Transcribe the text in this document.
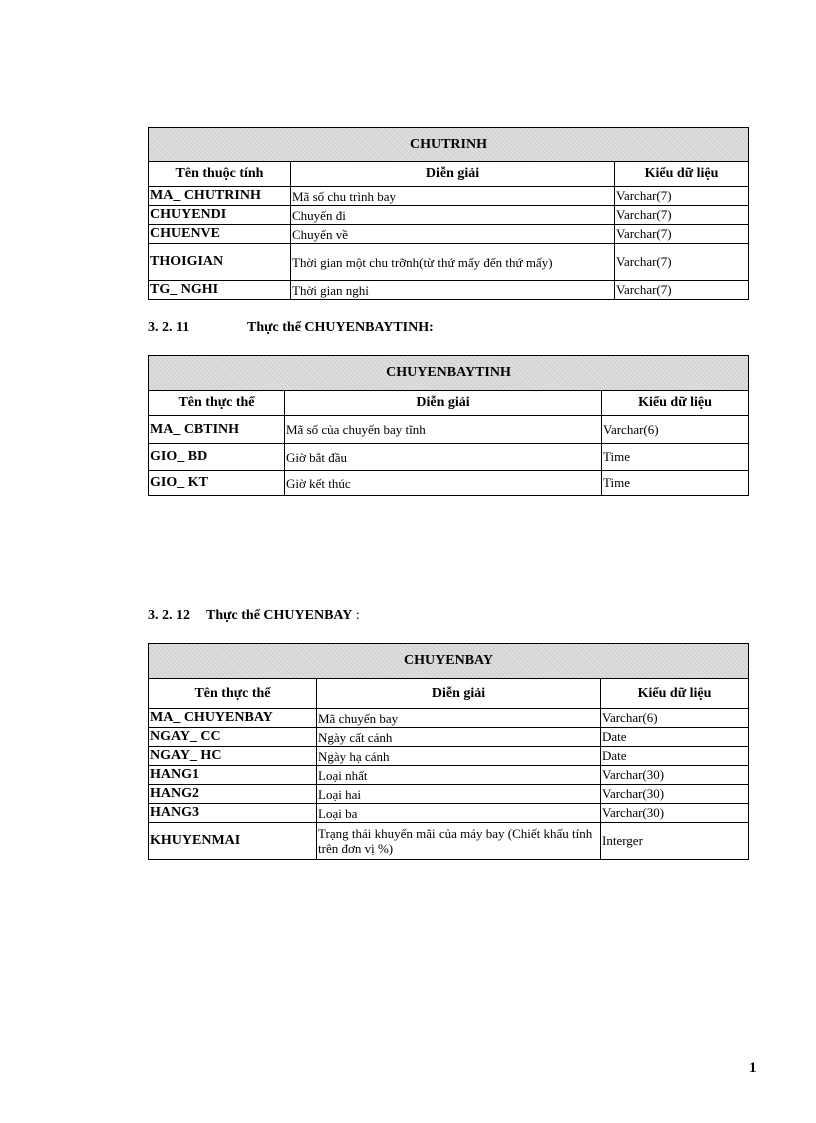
CHUTRINH		
Tên thuộc tính	Diễn giải	Kiểu dữ liệu
MA_ CHUTRINH	Mã số chu trình bay	Varchar(7)
CHUYENDI	Chuyến đi	Varchar(7)
CHUENVE	Chuyến về	Varchar(7)
THOIGIAN	Thời gian một chu trỡnh(từ thứ mấy đến thứ mấy)	Varchar(7)
TG_ NGHI	Thời gian nghỉ	Varchar(7)
3. 2. 11	Thực thể CHUYENBAYTINH:
CHUYENBAYTINH		
Tên thực thể	Diễn giải	Kiểu dữ liệu
MA_ CBTINH	Mã số của chuyến bay tĩnh	Varchar(6)
GIO_ BD	Giờ bắt đầu	Time
GIO_ KT	Giờ kết thúc	Time
3. 2. 12 Thực thể CHUYENBAY :
CHUYENBAY		
Tên thực thể	Diễn giải	Kiểu dữ liệu
MA_ CHUYENBAY	Mã chuyến bay	Varchar(6)
NGAY_ CC	Ngày cất cánh	Date
NGAY_ HC	Ngày hạ cánh	Date
HANG1	Loại nhất	Varchar(30)
HANG2	Loại hai	Varchar(30)
HANG3	Loại ba	Varchar(30)
KHUYENMAI	Trạng thái khuyến mãi của máy bay (Chiết khấu tính trên đơn vị %)	Interger
1
